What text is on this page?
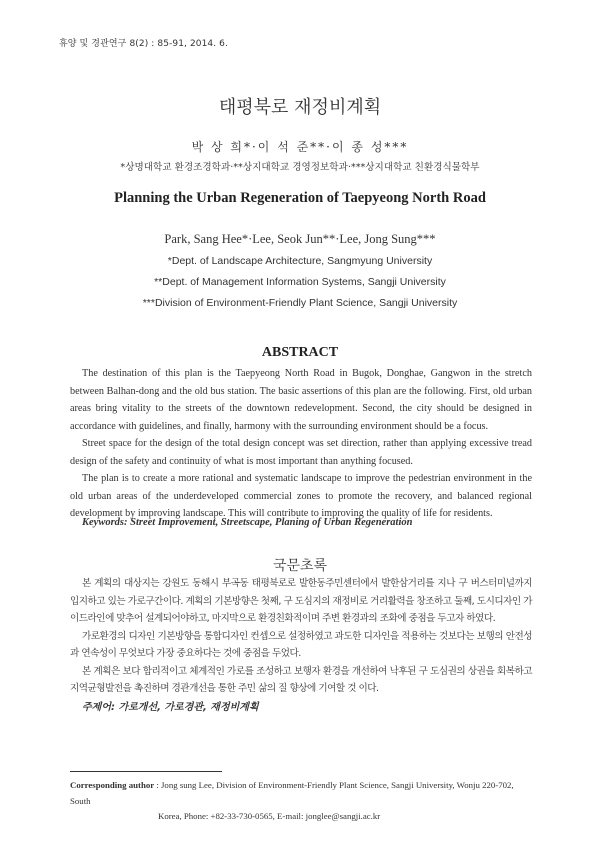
휴양 및 경관연구 8(2) : 85-91, 2014. 6.
태평북로 재정비계획
박 상 희*·이 석 준**·이 종 성***
*상명대학교 환경조경학과·**상지대학교 경영정보학과·***상지대학교 친환경식물학부
Planning the Urban Regeneration of Taepyeong North Road
Park, Sang Hee*·Lee, Seok Jun**·Lee, Jong Sung***
*Dept. of Landscape Architecture, Sangmyung University
**Dept. of Management Information Systems, Sangji University
***Division of Environment-Friendly Plant Science, Sangji University
ABSTRACT

The destination of this plan is the Taepyeong North Road in Bugok, Donghae, Gangwon in the stretch between Balhan-dong and the old bus station. The basic assertions of this plan are the following. First, old urban areas bring vitality to the streets of the downtown redevelopment. Second, the city should be designed in accordance with guidelines, and finally, harmony with the surrounding environment should be a focus.

Street space for the design of the total design concept was set direction, rather than applying excessive tread design of the safety and continuity of what is most important than anything focused.

The plan is to create a more rational and systematic landscape to improve the pedestrian environment in the old urban areas of the underdeveloped commercial zones to promote the recovery, and balanced regional development by improving landscape. This will contribute to improving the quality of life for residents.

Keywords: Street Improvement, Streetscape, Planing of Urban Regeneration
국문초록

본 계획의 대상지는 강원도 동해시 부곡동 태평북로로 발한동주민센터에서 발한삼거리를 지나 구 버스터미널까지 입지하고 있는 가로구간이다. 계획의 기본방향은 첫째, 구 도심지의 재정비로 거리활력을 창조하고 둘째, 도시디자인 가이드라인에 맞추어 설계되어야하고, 마지막으로 환경친화적이며 주변 환경과의 조화에 중점을 두고자 하였다.

가로환경의 디자인 기본방향을 통합디자인 컨셉으로 설정하였고 과도한 디자인을 적용하는 것보다는 보행의 안전성과 연속성이 무엇보다 가장 중요하다는 것에 중점을 두었다.

본 계획은 보다 합리적이고 체계적인 가로를 조성하고 보행자 환경을 개선하여 낙후된 구 도심권의 상권을 회복하고 지역균형발전을 촉진하며 경관개선을 통한 주민 삶의 질 향상에 기여할 것 이다.

주제어: 가로개선, 가로경관, 재정비계획
Corresponding author : Jong sung Lee, Division of Environment-Friendly Plant Science, Sangji University, Wonju 220-702, South
Korea, Phone: +82-33-730-0565, E-mail: jonglee@sangji.ac.kr
